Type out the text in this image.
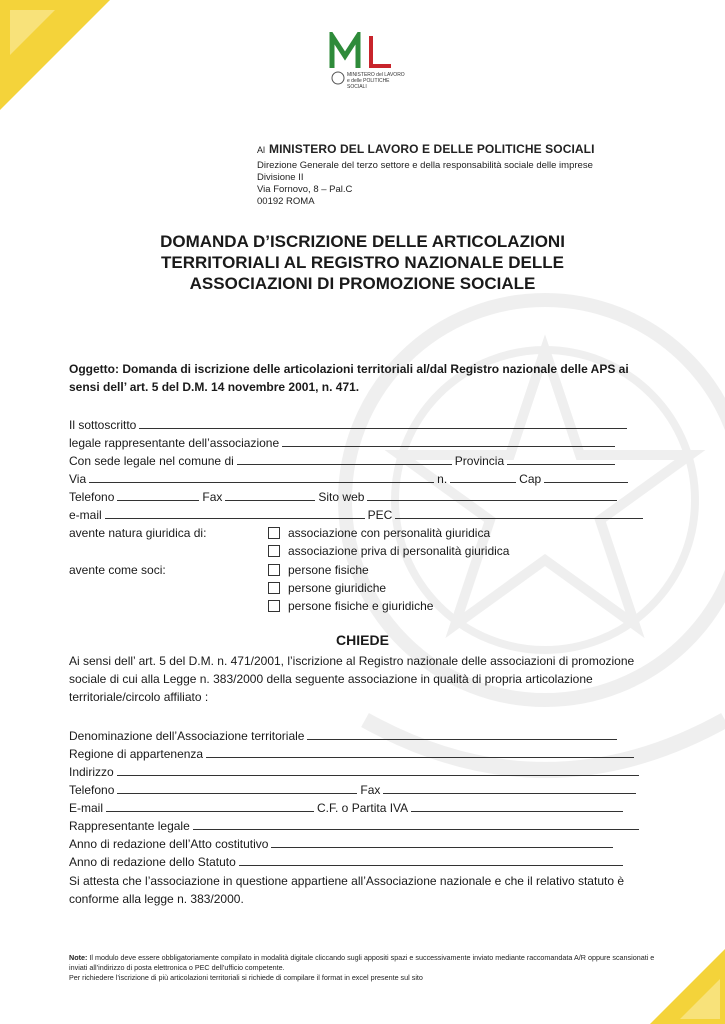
MINISTERO del LAVORO
e delle POLITICHE SOCIALI
Al MINISTERO DEL LAVORO E DELLE POLITICHE SOCIALI
Direzione Generale del terzo settore e della responsabilità sociale delle imprese
Divisione II
Via Fornovo, 8 – Pal.C
00192 ROMA
DOMANDA D’ISCRIZIONE DELLE ARTICOLAZIONI
TERRITORIALI AL REGISTRO NAZIONALE DELLE
ASSOCIAZIONI DI PROMOZIONE SOCIALE
Oggetto: Domanda di iscrizione delle articolazioni territoriali al/dal Registro nazionale delle APS ai sensi dell’ art. 5 del D.M. 14 novembre 2001, n. 471.
Il sottoscritto
legale rappresentante dell’associazione
Con sede legale nel comune di	Provincia
Via	n.	Cap
Telefono	Fax	Sito web
e-mail	PEC
avente natura giuridica di:	associazione con personalità giuridica
associazione priva di personalità giuridica
avente come soci:	persone fisiche
persone giuridiche
persone fisiche e giuridiche
CHIEDE
Ai sensi dell’ art. 5 del D.M. n. 471/2001, l’iscrizione al Registro nazionale delle associazioni di promozione sociale di cui alla Legge n. 383/2000 della seguente associazione in qualità di propria articolazione territoriale/circolo affiliato :
Denominazione dell’Associazione territoriale
Regione di appartenenza
Indirizzo
Telefono	Fax
E-mail	C.F. o Partita IVA
Rappresentante legale
Anno di redazione dell’Atto costitutivo
Anno di redazione dello Statuto
Si attesta che l’associazione in questione appartiene all’Associazione nazionale e che il relativo statuto è conforme alla legge n. 383/2000.
Note: Il modulo deve essere obbligatoriamente compilato in modalità digitale cliccando sugli appositi spazi e successivamente inviato mediante raccomandata A/R oppure scansionati e inviati all’indirizzo di posta elettronica o PEC dell’ufficio competente.
Per richiedere l’iscrizione di più articolazioni territoriali si richiede di compilare il format in excel presente sul sito
